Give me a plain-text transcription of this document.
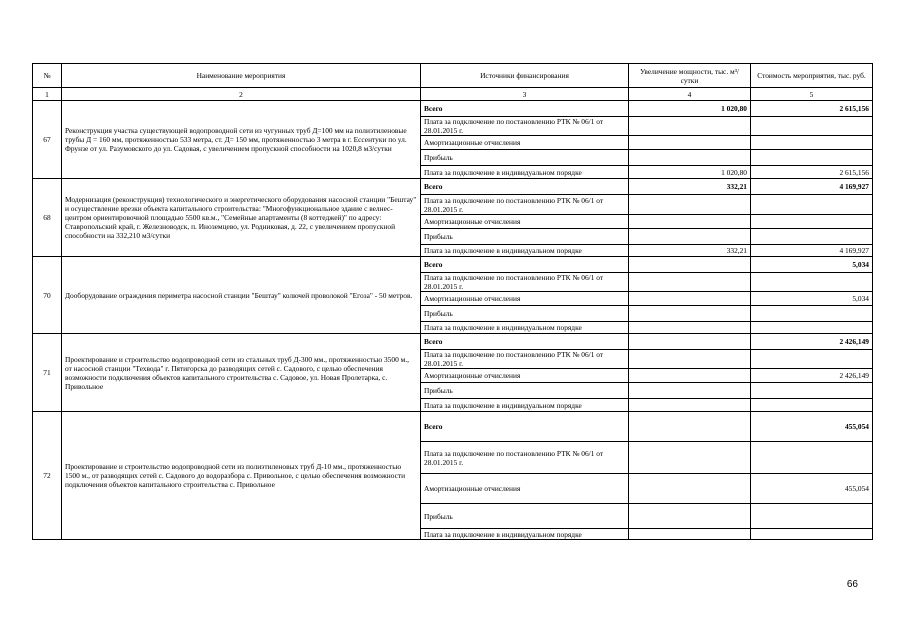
№	Наименование мероприятия	Источники финансирования	Увеличение мощности, тыс. м³/сутки	Стоимость мероприятия, тыс. руб.
1	2	3	4	5
67	Реконструкция участка существующей водопроводной сети из чугунных труб Д=100 мм на полиэтиленовые трубы Д = 160 мм, протяженностью 533 метра, ст. Д= 150 мм, протяженностью 3 метра в г. Ессентуки по ул. Фрунзе от ул. Разумовского до ул. Садовая, с увеличением пропускной способности на 1020,8 м3/сутки	Всего	1 020,80	2 615,156
		Плата за подключение по постановлению РТК № 06/1 от 28.01.2015 г.		
		Амортизационные отчисления		
		Прибыль		
		Плата за подключение в индивидуальном порядке	1 020,80	2 615,156
68	Модернизация (реконструкция) технологического и энергетического оборудования насосной станции "Бештау" и осуществление врезки объекта капитального строительства: "Многофункциональное здание с велнес-центром ориентировочной площадью 5500 кв.м., "Семейные апартаменты (8 коттеджей)" по адресу: Ставропольский край, г. Железноводск, п. Иноземцево, ул. Родниковая, д. 22, с увеличением пропускной способности на 332,210 м3/сутки	Всего	332,21	4 169,927
		Плата за подключение по постановлению РТК № 06/1 от 28.01.2015 г.		
		Амортизационные отчисления		
		Прибыль		
		Плата за подключение в индивидуальном порядке	332,21	4 169,927
70	Дооборудование ограждения периметра насосной станции "Бештау" колючей проволокой "Егоза" - 50 метров.	Всего		5,034
		Плата за подключение по постановлению РТК № 06/1 от 28.01.2015 г.		
		Амортизационные отчисления		5,034
		Прибыль		
		Плата за подключение в индивидуальном порядке		
71	Проектирование и строительство водопроводной сети из стальных труб Д-300 мм., протяженностью 3500 м., от насосной станции "Техвода" г. Пятигорска до разводящих сетей с. Садового, с целью обеспечения возможности подключения объектов капитального строительства с. Садовое, ул. Новая Пролетарка, с. Привольное	Всего		2 426,149
		Плата за подключение по постановлению РТК № 06/1 от 28.01.2015 г.		
		Амортизационные отчисления		2 426,149
		Прибыль		
		Плата за подключение в индивидуальном порядке		
72	Проектирование и строительство водопроводной сети из полиэтиленовых труб Д-10 мм., протяженностью 1500 м., от разводящих сетей с. Садового до водоразбора с. Привольное, с целью обеспечения возможности подключения объектов капитального строительства с. Привольное	Всего		455,054
		Плата за подключение по постановлению РТК № 06/1 от 28.01.2015 г.		
		Амортизационные отчисления		455,054
		Прибыль		
		Плата за подключение в индивидуальном порядке		
66
